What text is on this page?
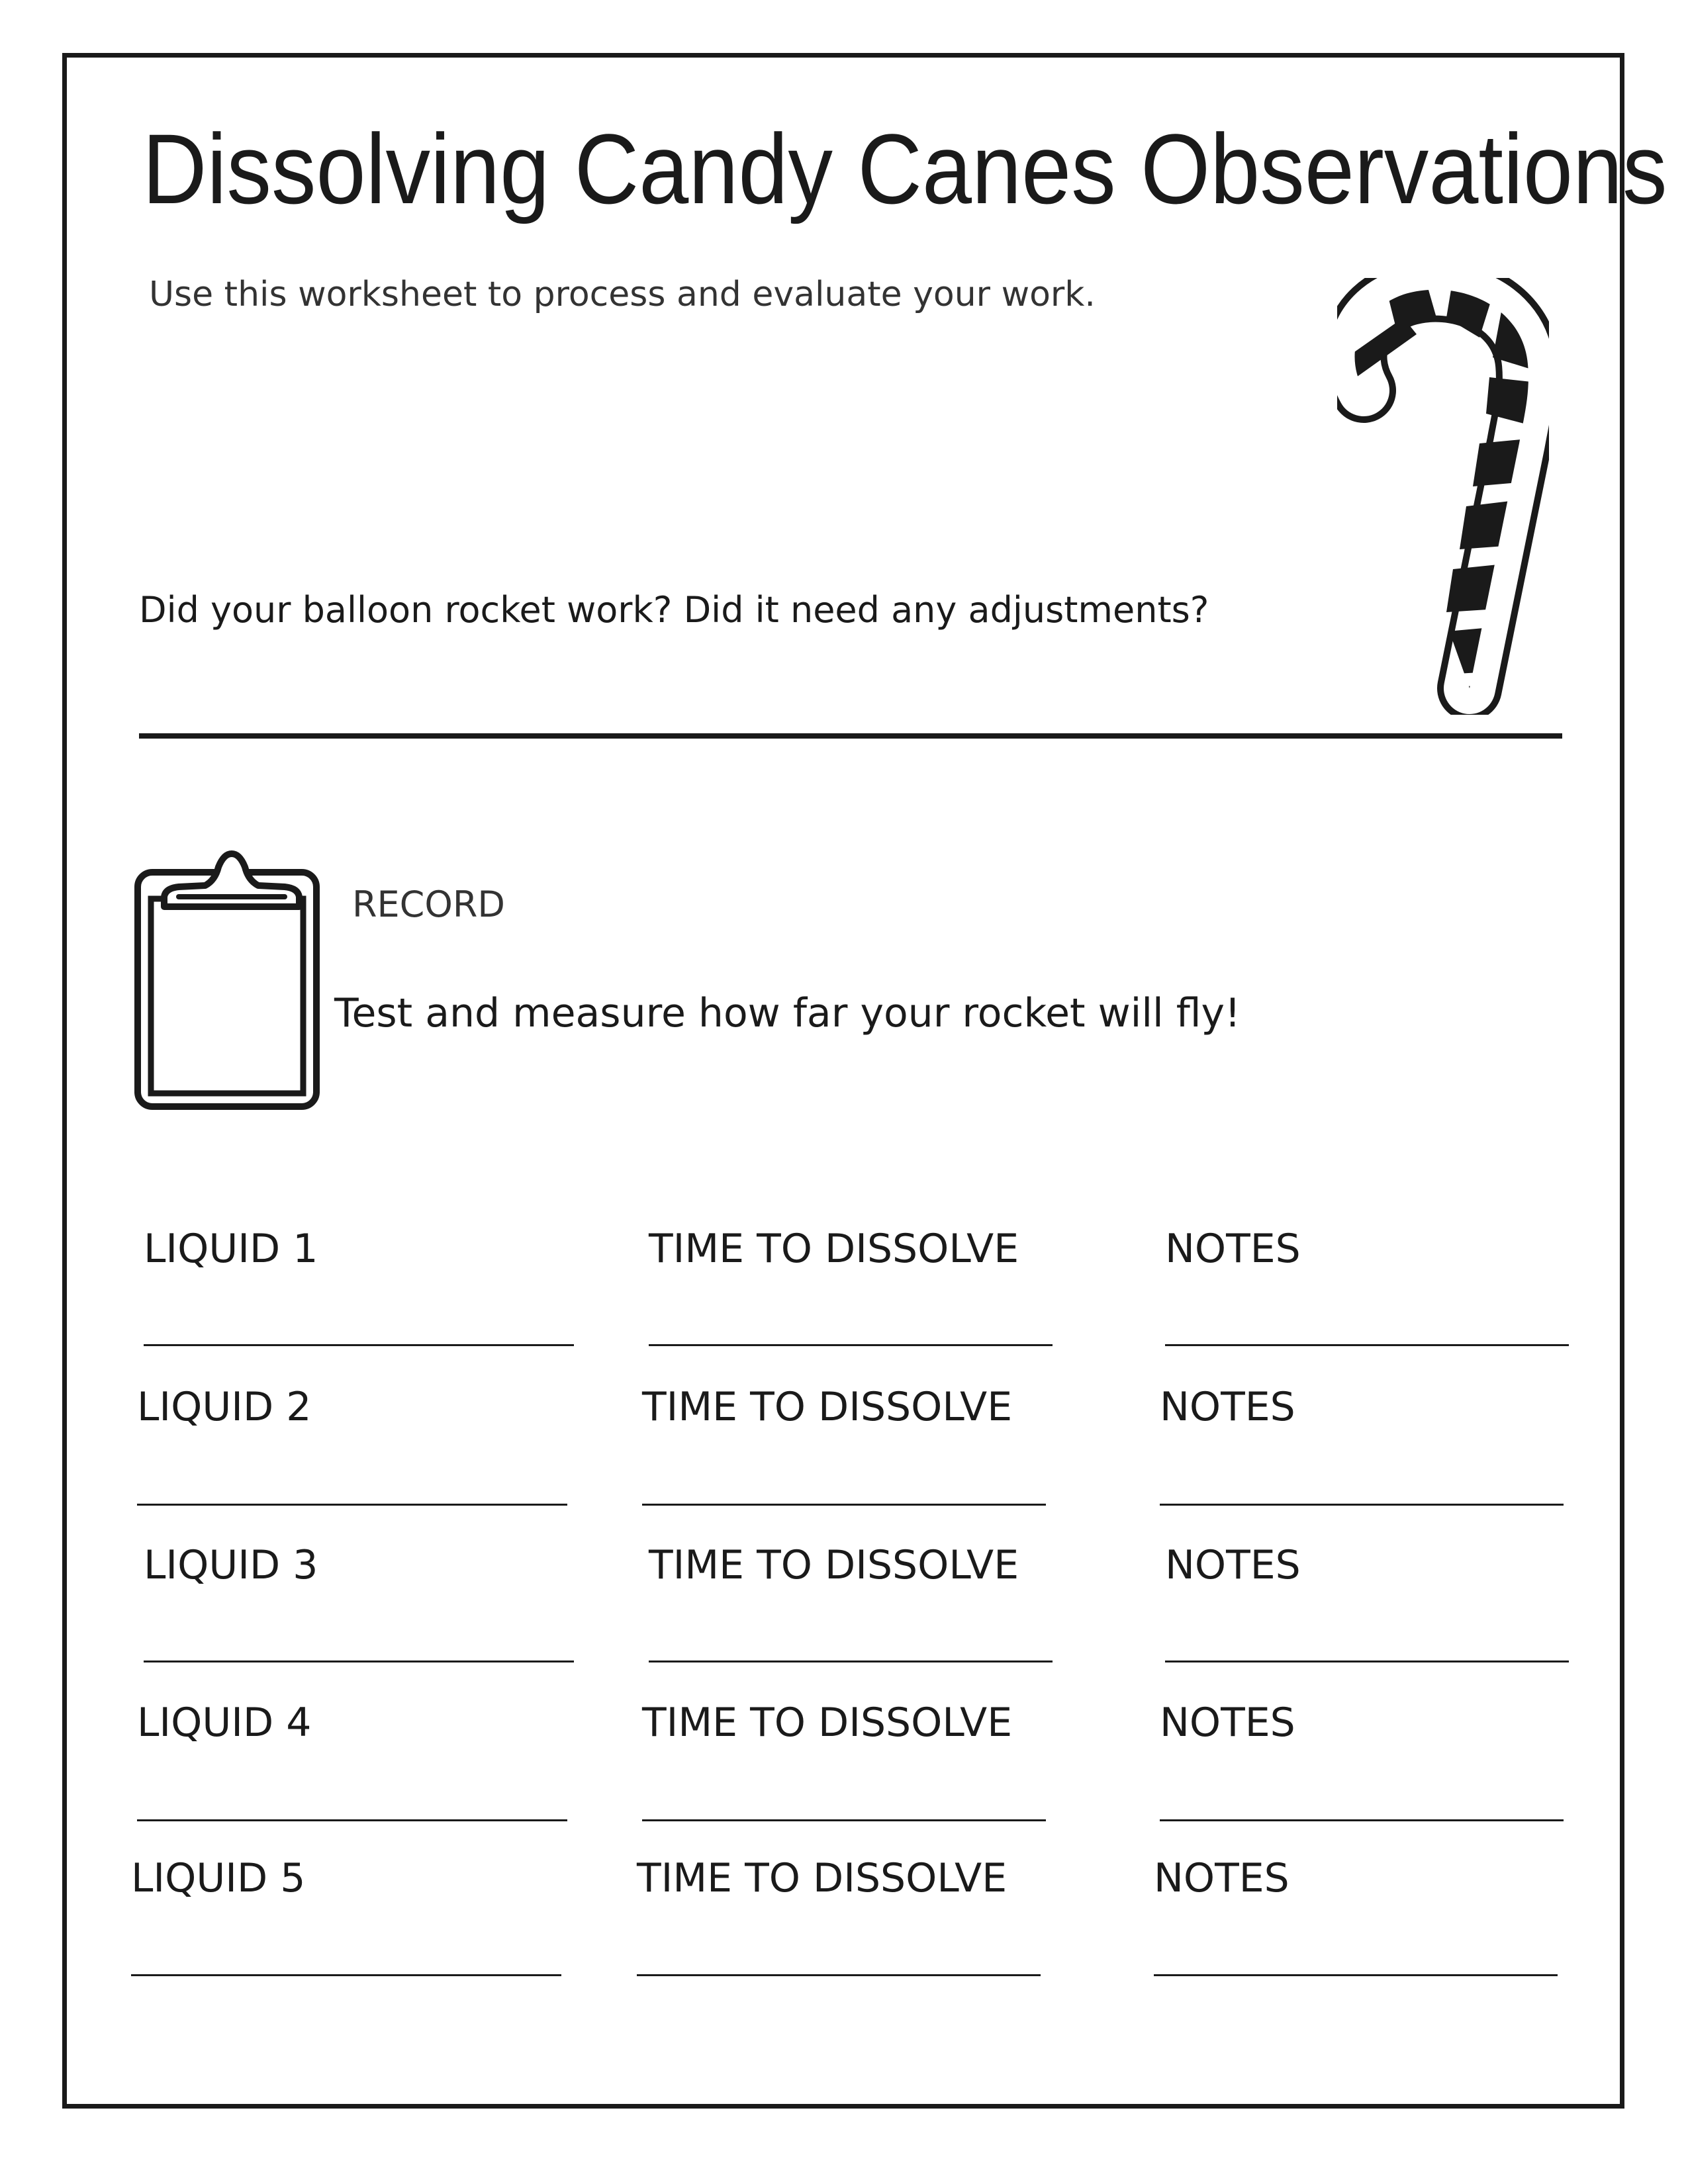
Dissolving Candy Canes Observations
Use this worksheet to process and evaluate your work.
Did your balloon rocket work? Did it need any adjustments?
RECORD
Test and measure how far your rocket will fly!
LIQUID 1	TIME TO DISSOLVE	NOTES
LIQUID 2	TIME TO DISSOLVE	NOTES
LIQUID 3	TIME TO DISSOLVE	NOTES
LIQUID 4	TIME TO DISSOLVE	NOTES
LIQUID 5	TIME TO DISSOLVE	NOTES
